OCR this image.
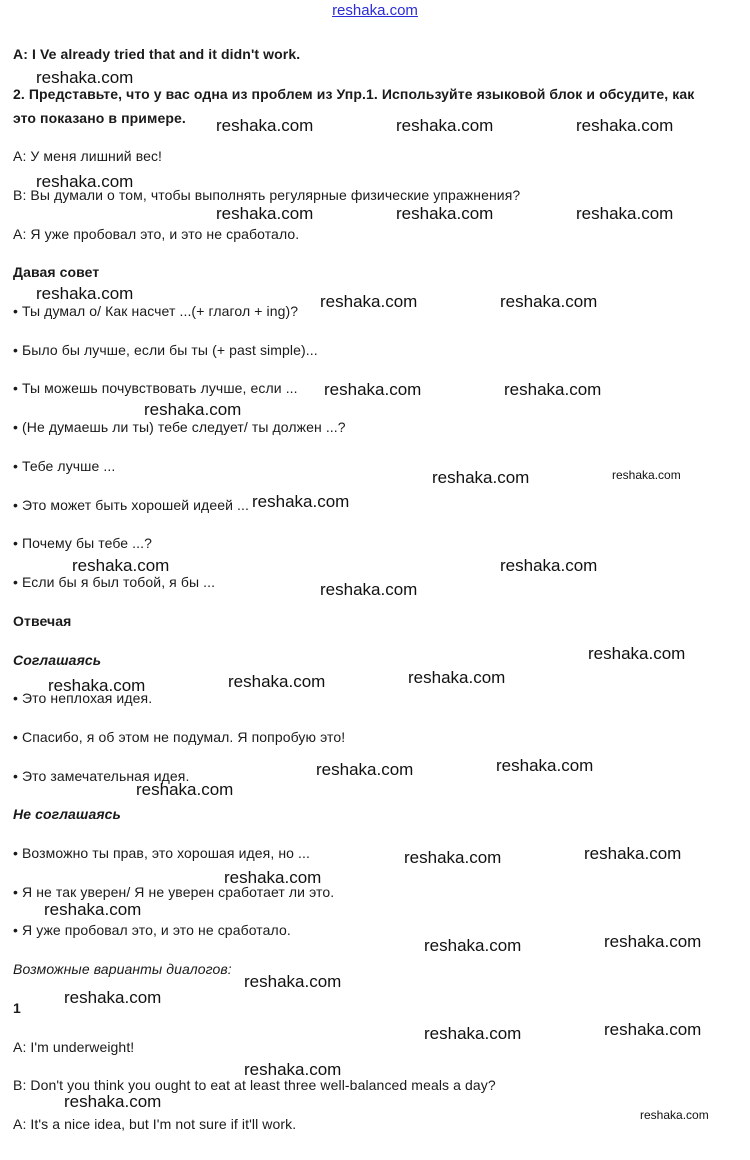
reshaka.com
A: I Ve already tried that and it didn't work.
2. Представьте, что у вас одна из проблем из Упр.1. Используйте языковой блок и обсудите, как
это показано в примере.
А: У меня лишний вес!
В: Вы думали о том, чтобы выполнять регулярные физические упражнения?
А: Я уже пробовал это, и это не сработало.
Давая совет
• Ты думал о/ Как насчет ...(+ глагол + ing)?
• Было бы лучше, если бы ты (+ past simple)...
• Ты можешь почувствовать лучше, если ...
• (Не думаешь ли ты) тебе следует/ ты должен ...?
• Тебе лучше ...
• Это может быть хорошей идеей ...
• Почему бы тебе ...?
• Если бы я был тобой, я бы ...
Отвечая
Соглашаясь
• Это неплохая идея.
• Спасибо, я об этом не подумал. Я попробую это!
• Это замечательная идея.
Не соглашаясь
• Возможно ты прав, это хорошая идея, но ...
• Я не так уверен/ Я не уверен сработает ли это.
• Я уже пробовал это, и это не сработало.
Возможные варианты диалогов:
1
A: I'm underweight!
B: Don't you think you ought to eat at least three well-balanced meals a day?
A: It's a nice idea, but I'm not sure if it'll work.
reshaka.com
reshaka.com	reshaka.com	reshaka.com
reshaka.com
reshaka.com	reshaka.com	reshaka.com
reshaka.com	reshaka.com	reshaka.com
reshaka.com	reshaka.com
reshaka.com
reshaka.com	reshaka.com
reshaka.com
reshaka.com	reshaka.com
reshaka.com
reshaka.com
reshaka.com
reshaka.com	reshaka.com
reshaka.com	reshaka.com
reshaka.com
reshaka.com	reshaka.com
reshaka.com
reshaka.com
reshaka.com	reshaka.com
reshaka.com
reshaka.com
reshaka.com	reshaka.com
reshaka.com
reshaka.com
reshaka.com
